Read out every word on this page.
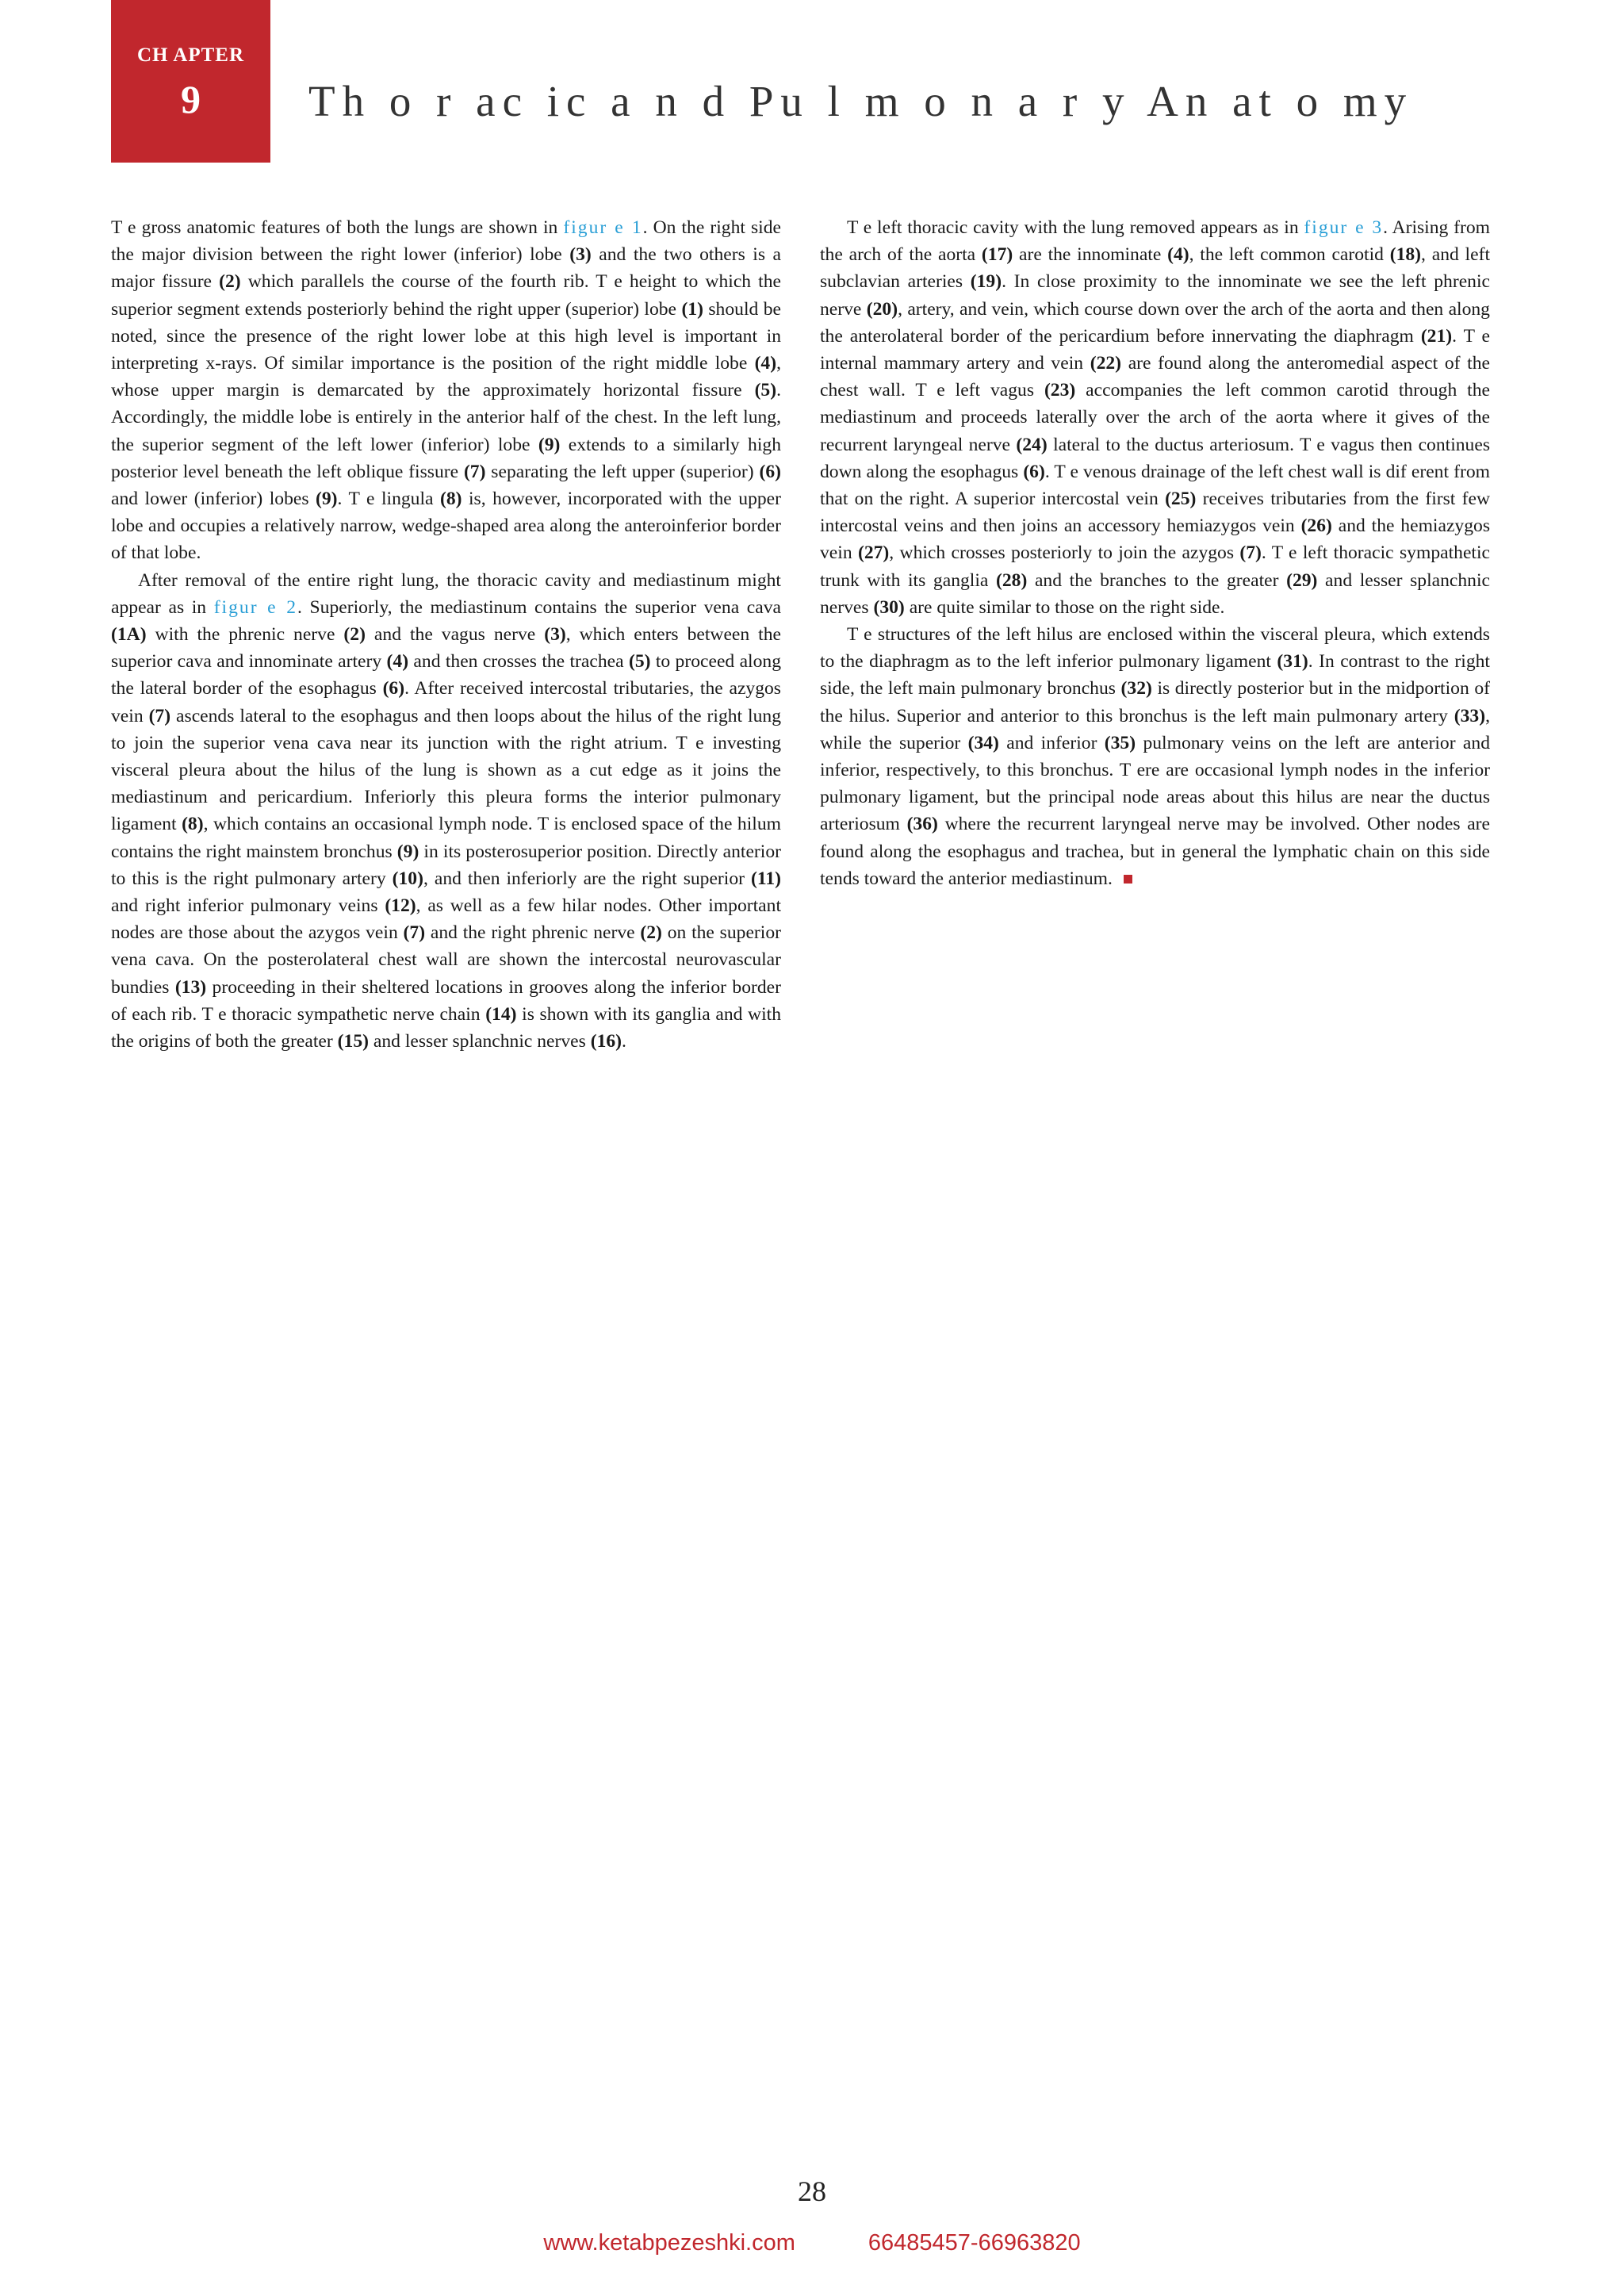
CH APTER
9	Th o r ac ic a n d Pu l m o n a r y An at o my

T e gross anatomic features of both the lungs are shown in figur e 1. On the right side the major division between the right lower (inferior) lobe (3) and the two others is a major fissure (2) which parallels the course of the fourth rib. T e height to which the superior segment extends posteriorly behind the right upper (superior) lobe (1) should be noted, since the presence of the right lower lobe at this high level is important in interpreting x-rays. Of similar importance is the position of the right middle lobe (4), whose upper margin is demarcated by the approximately horizontal fissure (5). Accordingly, the middle lobe is entirely in the anterior half of the chest. In the left lung, the superior segment of the left lower (inferior) lobe (9) extends to a similarly high posterior level beneath the left oblique fissure (7) separating the left upper (superior) (6) and lower (inferior) lobes (9). T e lingula (8) is, however, incorporated with the upper lobe and occupies a relatively narrow, wedge-shaped area along the anteroinferior border of that lobe.

After removal of the entire right lung, the thoracic cavity and mediastinum might appear as in figur e 2. Superiorly, the mediastinum contains the superior vena cava (1A) with the phrenic nerve (2) and the vagus nerve (3), which enters between the superior cava and innominate artery (4) and then crosses the trachea (5) to proceed along the lateral border of the esophagus (6). After received intercostal tributaries, the azygos vein (7) ascends lateral to the esophagus and then loops about the hilus of the right lung to join the superior vena cava near its junction with the right atrium. T e investing visceral pleura about the hilus of the lung is shown as a cut edge as it joins the mediastinum and pericardium. Inferiorly this pleura forms the interior pulmonary ligament (8), which contains an occasional lymph node. T is enclosed space of the hilum contains the right mainstem bronchus (9) in its posterosuperior position. Directly anterior to this is the right pulmonary artery (10), and then inferiorly are the right superior (11) and right inferior pulmonary veins (12), as well as a few hilar nodes. Other important nodes are those about the azygos vein (7) and the right phrenic nerve (2) on the superior vena cava. On the posterolateral chest wall are shown the intercostal neurovascular bundies (13) proceeding in their sheltered locations in grooves along the inferior border of each rib. T e thoracic sympathetic nerve chain (14) is shown with its ganglia and with the origins of both the greater (15) and lesser splanchnic nerves (16).

T e left thoracic cavity with the lung removed appears as in figur e 3. Arising from the arch of the aorta (17) are the innominate (4), the left common carotid (18), and left subclavian arteries (19). In close proximity to the innominate we see the left phrenic nerve (20), artery, and vein, which course down over the arch of the aorta and then along the anterolateral border of the pericardium before innervating the diaphragm (21). T e internal mammary artery and vein (22) are found along the anteromedial aspect of the chest wall. T e left vagus (23) accompanies the left common carotid through the mediastinum and proceeds laterally over the arch of the aorta where it gives of the recurrent laryngeal nerve (24) lateral to the ductus arteriosum. T e vagus then continues down along the esophagus (6). T e venous drainage of the left chest wall is dif erent from that on the right. A superior intercostal vein (25) receives tributaries from the first few intercostal veins and then joins an accessory hemiazygos vein (26) and the hemiazygos vein (27), which crosses posteriorly to join the azygos (7). T e left thoracic sympathetic trunk with its ganglia (28) and the branches to the greater (29) and lesser splanchnic nerves (30) are quite similar to those on the right side.

T e structures of the left hilus are enclosed within the visceral pleura, which extends to the diaphragm as to the left inferior pulmonary ligament (31). In contrast to the right side, the left main pulmonary bronchus (32) is directly posterior but in the midportion of the hilus. Superior and anterior to this bronchus is the left main pulmonary artery (33), while the superior (34) and inferior (35) pulmonary veins on the left are anterior and inferior, respectively, to this bronchus. T ere are occasional lymph nodes in the inferior pulmonary ligament, but the principal node areas about this hilus are near the ductus arteriosum (36) where the recurrent laryngeal nerve may be involved. Other nodes are found along the esophagus and trachea, but in general the lymphatic chain on this side tends toward the anterior mediastinum.

28
www.ketabpezeshki.com	66485457-66963820
